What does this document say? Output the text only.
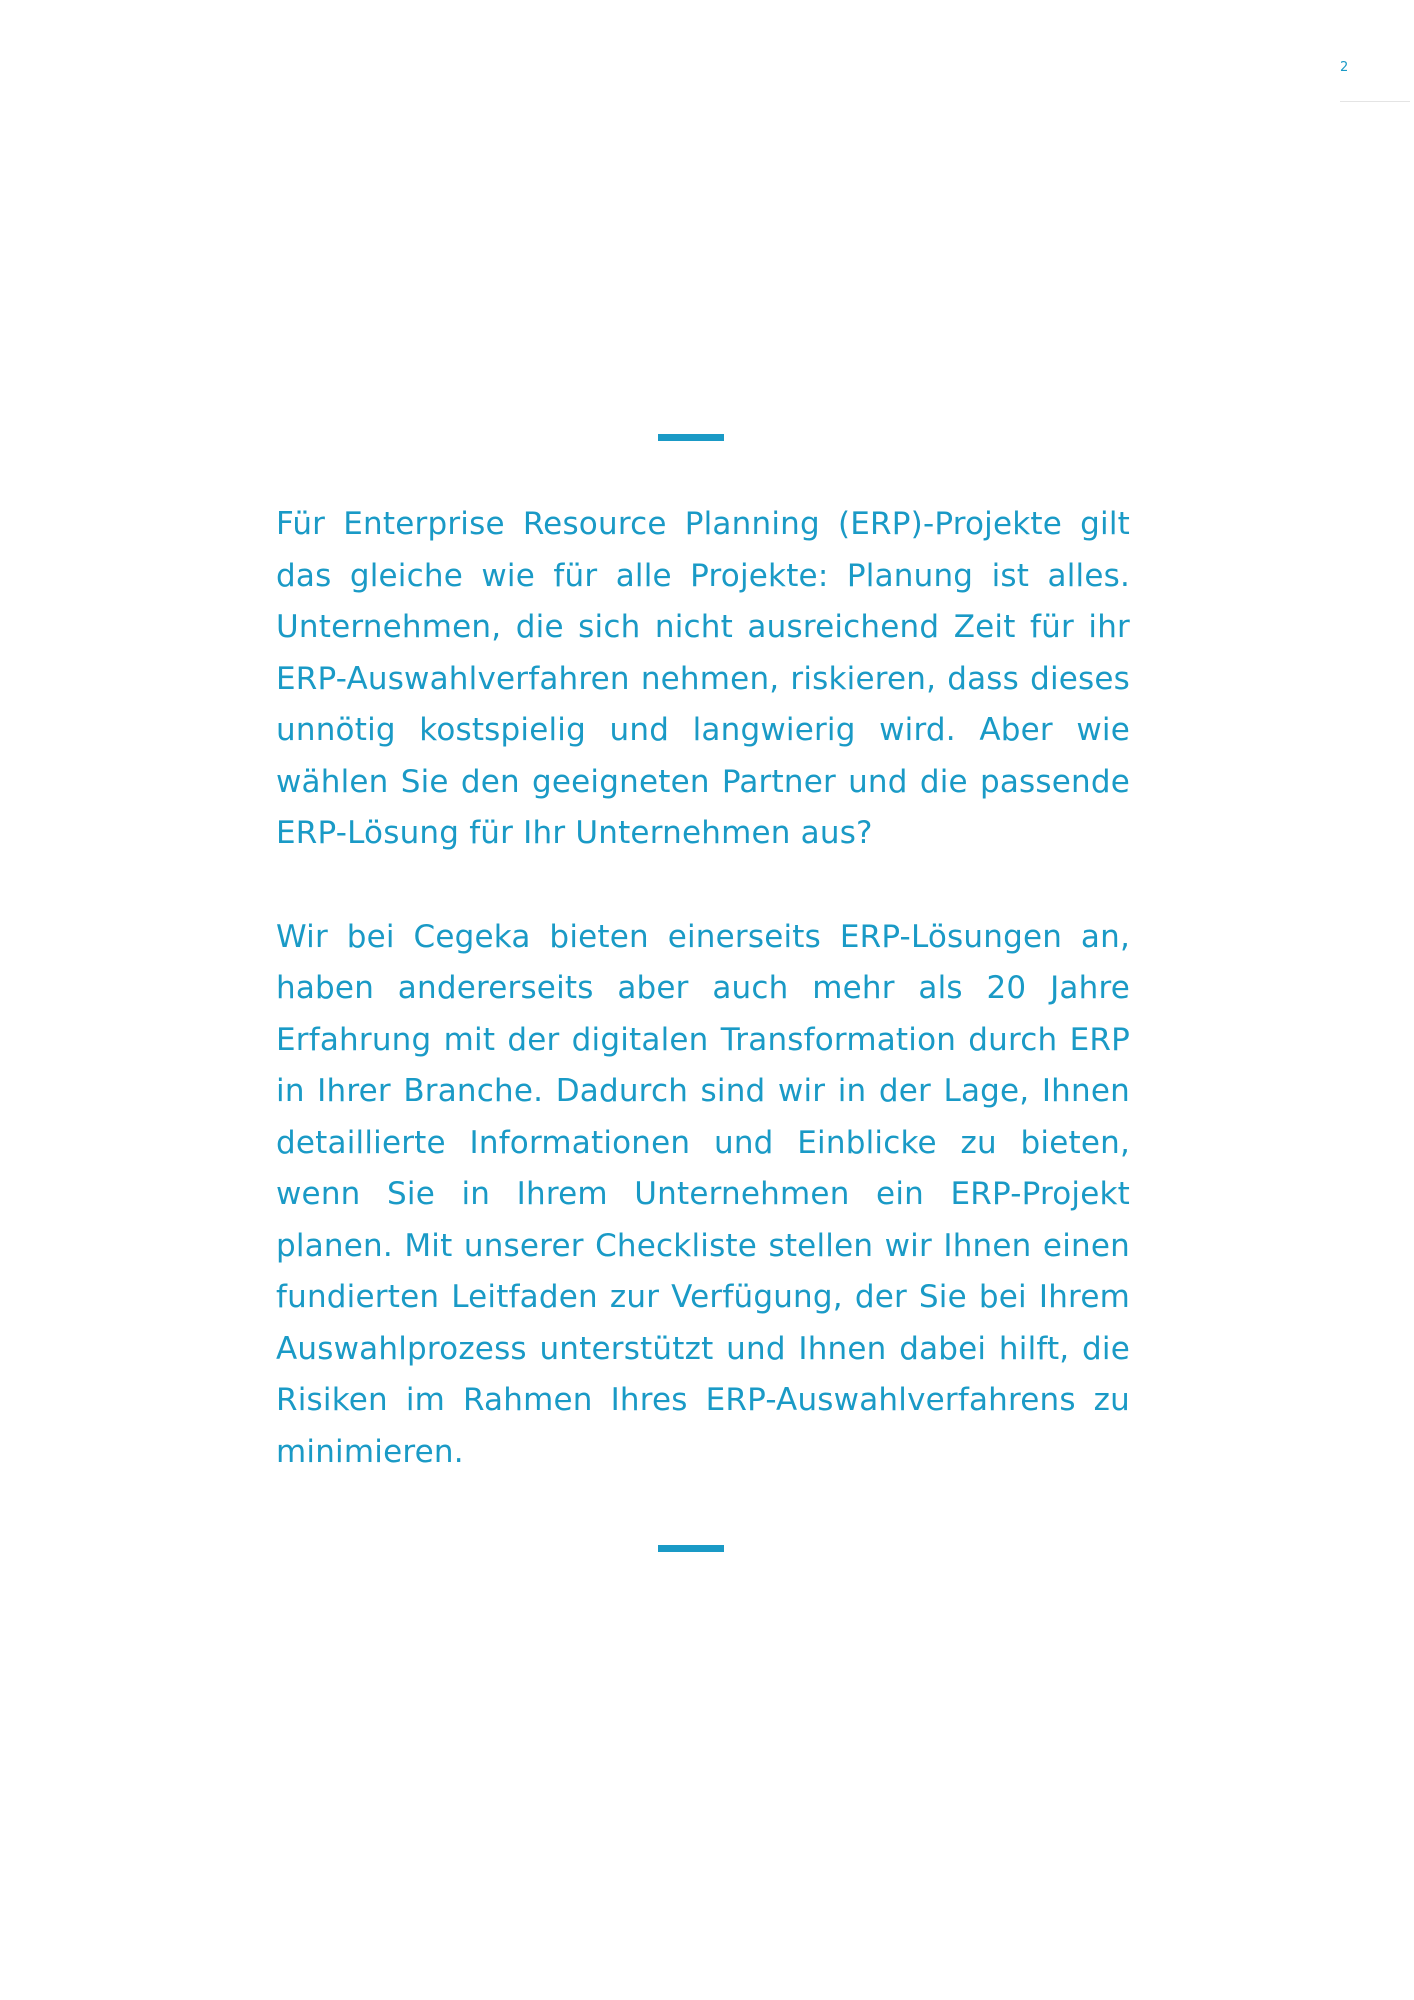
2

Für Enterprise Resource Planning (ERP)-Projekte gilt das gleiche wie für alle Projekte: Planung ist alles. Unternehmen, die sich nicht ausreichend Zeit für ihr ERP-Auswahlverfahren nehmen, riskieren, dass dieses unnötig kostspielig und langwierig wird. Aber wie wählen Sie den geeigneten Partner und die passende ERP-Lösung für Ihr Unternehmen aus?

Wir bei Cegeka bieten einerseits ERP-Lösungen an, haben andererseits aber auch mehr als 20 Jahre Erfahrung mit der digitalen Transformation durch ERP in Ihrer Branche. Dadurch sind wir in der Lage, Ihnen detaillierte Informationen und Einblicke zu bieten, wenn Sie in Ihrem Unternehmen ein ERP-Projekt planen. Mit unserer Checkliste stellen wir Ihnen einen fundierten Leitfaden zur Verfügung, der Sie bei Ihrem Auswahlprozess unterstützt und Ihnen dabei hilft, die Risiken im Rahmen Ihres ERP-Auswahlverfahrens zu minimieren.
